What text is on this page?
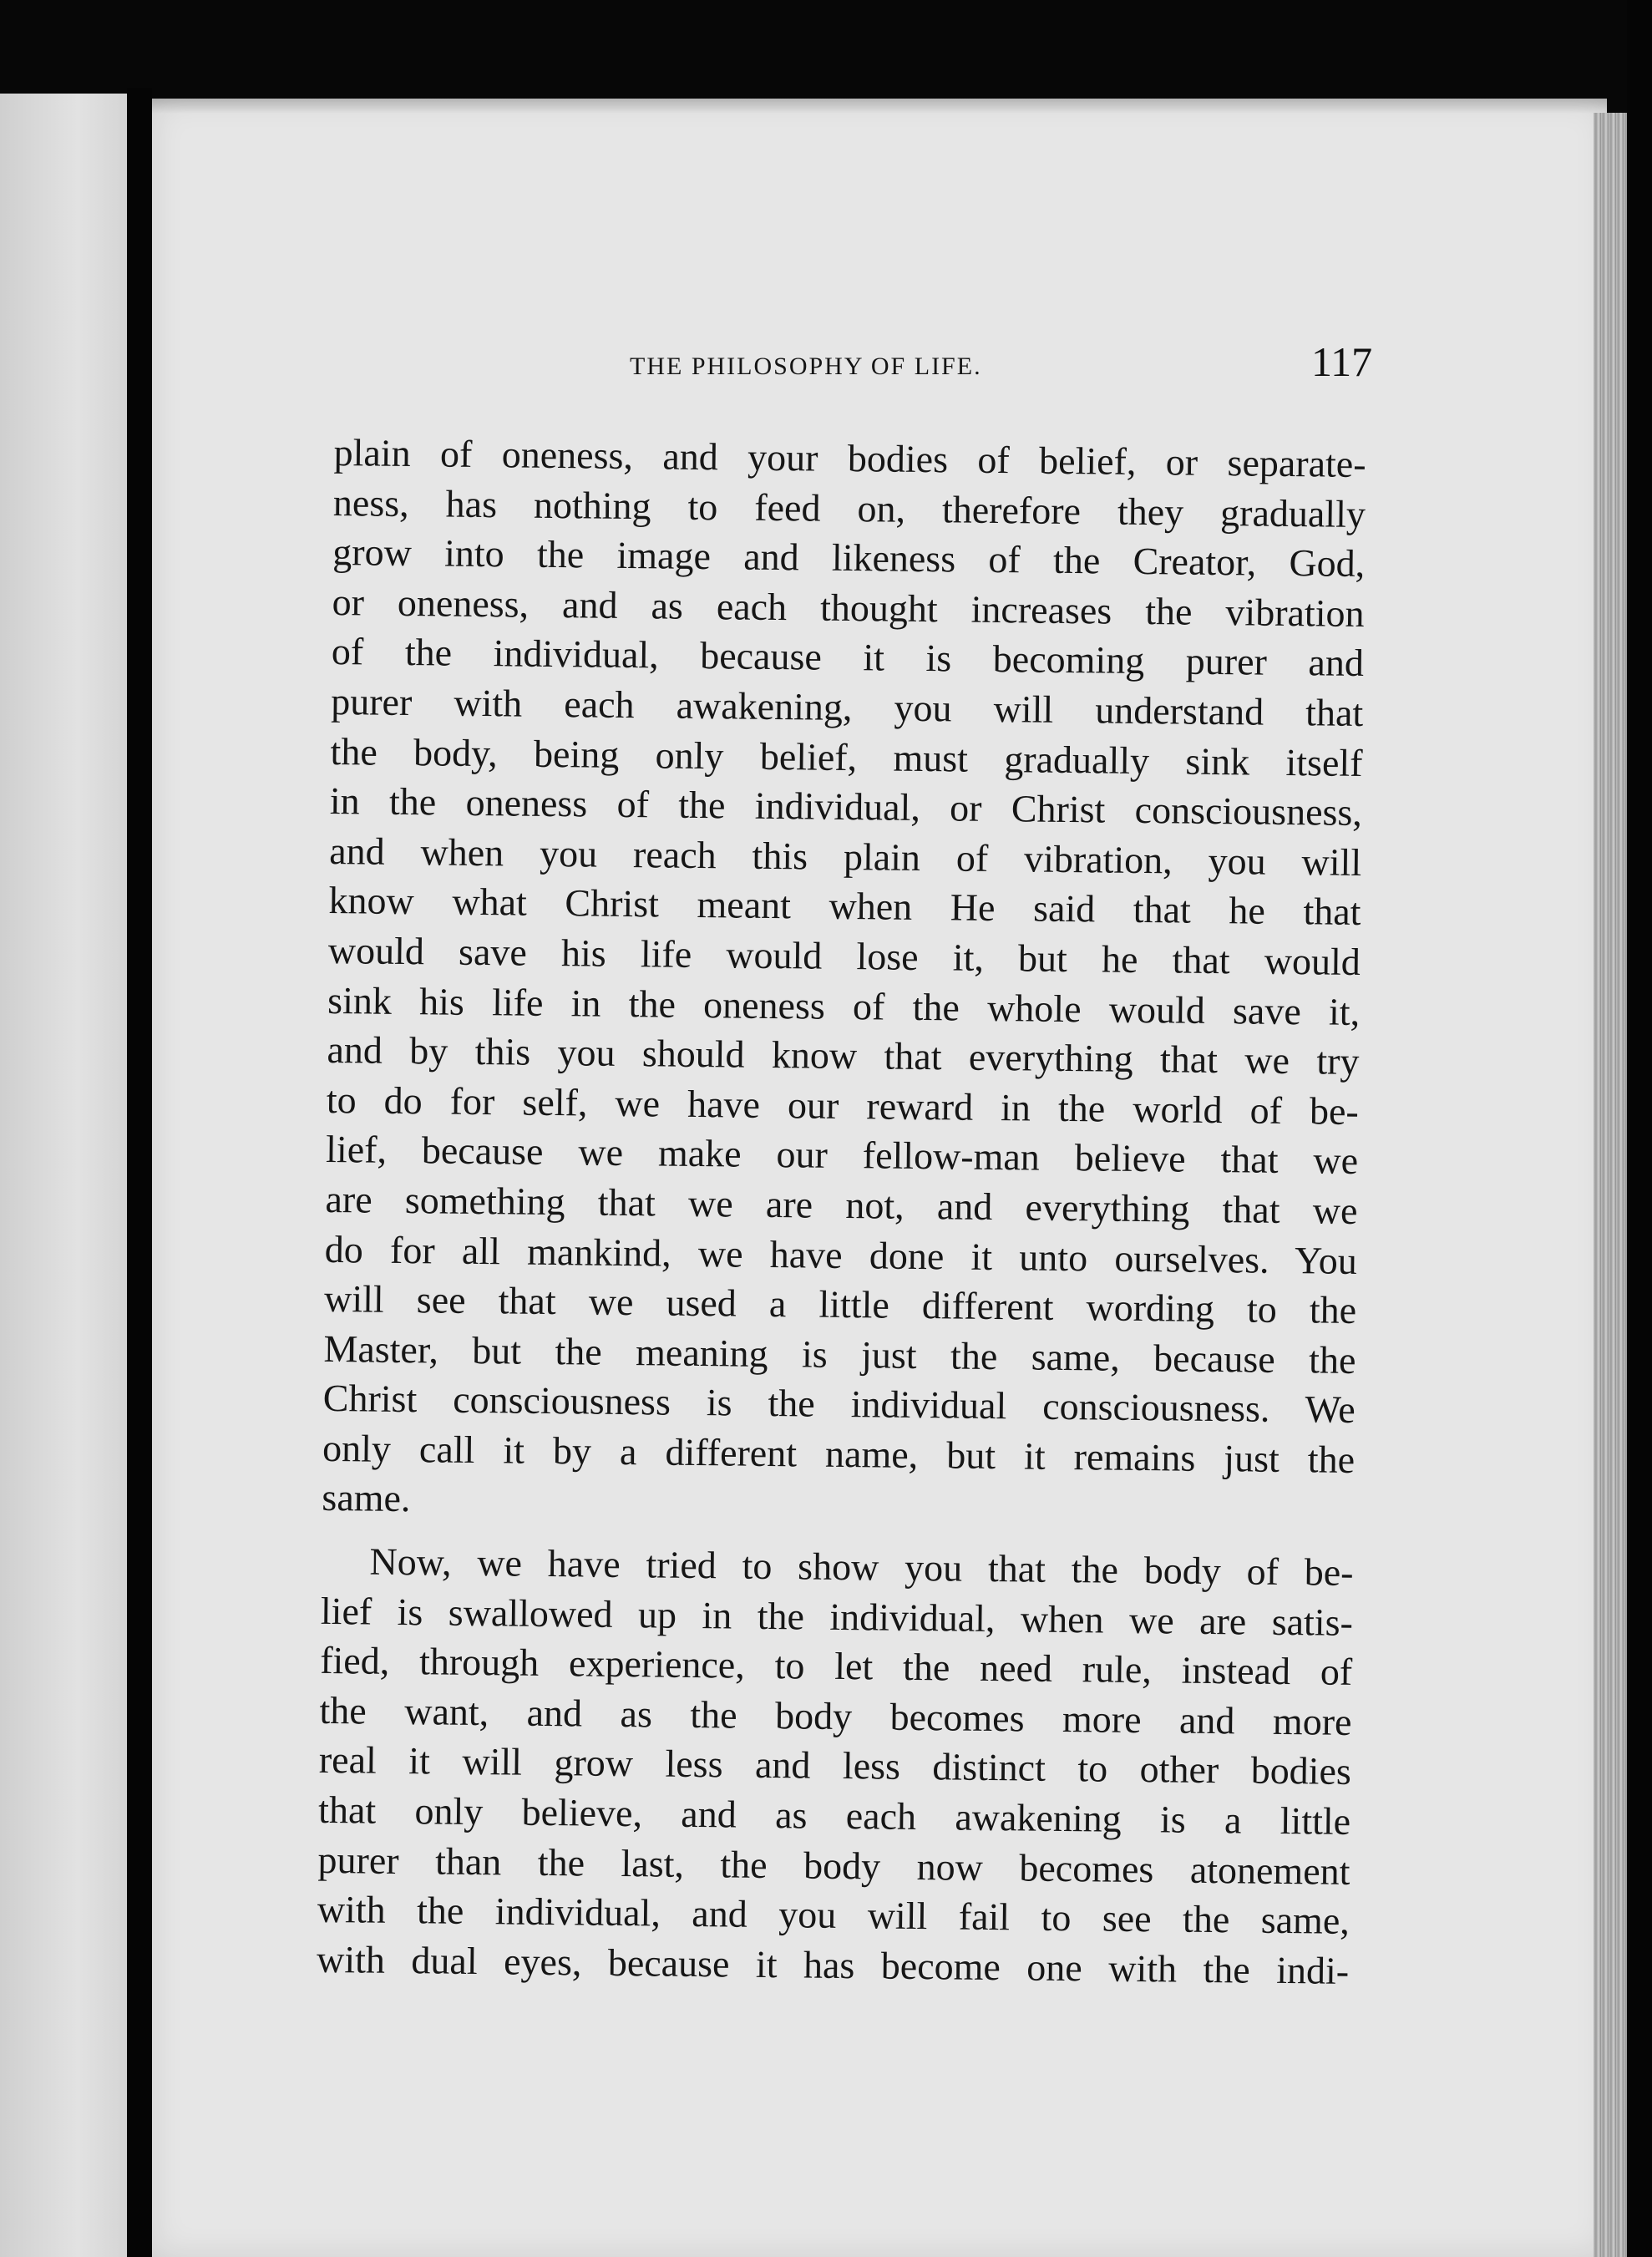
THE PHILOSOPHY OF LIFE.	117
plain of oneness, and your bodies of belief, or separate-
ness, has nothing to feed on, therefore they gradually
grow into the image and likeness of the Creator, God,
or oneness, and as each thought increases the vibration
of the individual, because it is becoming purer and
purer with each awakening, you will understand that
the body, being only belief, must gradually sink itself
in the oneness of the individual, or Christ consciousness,
and when you reach this plain of vibration, you will
know what Christ meant when He said that he that
would save his life would lose it, but he that would
sink his life in the oneness of the whole would save it,
and by this you should know that everything that we try
to do for self, we have our reward in the world of be-
lief, because we make our fellow-man believe that we
are something that we are not, and everything that we
do for all mankind, we have done it unto ourselves. You
will see that we used a little different wording to the
Master, but the meaning is just the same, because the
Christ consciousness is the individual consciousness. We
only call it by a different name, but it remains just the
same.
Now, we have tried to show you that the body of be-
lief is swallowed up in the individual, when we are satis-
fied, through experience, to let the need rule, instead of
the want, and as the body becomes more and more
real it will grow less and less distinct to other bodies
that only believe, and as each awakening is a little
purer than the last, the body now becomes atonement
with the individual, and you will fail to see the same,
with dual eyes, because it has become one with the indi-
